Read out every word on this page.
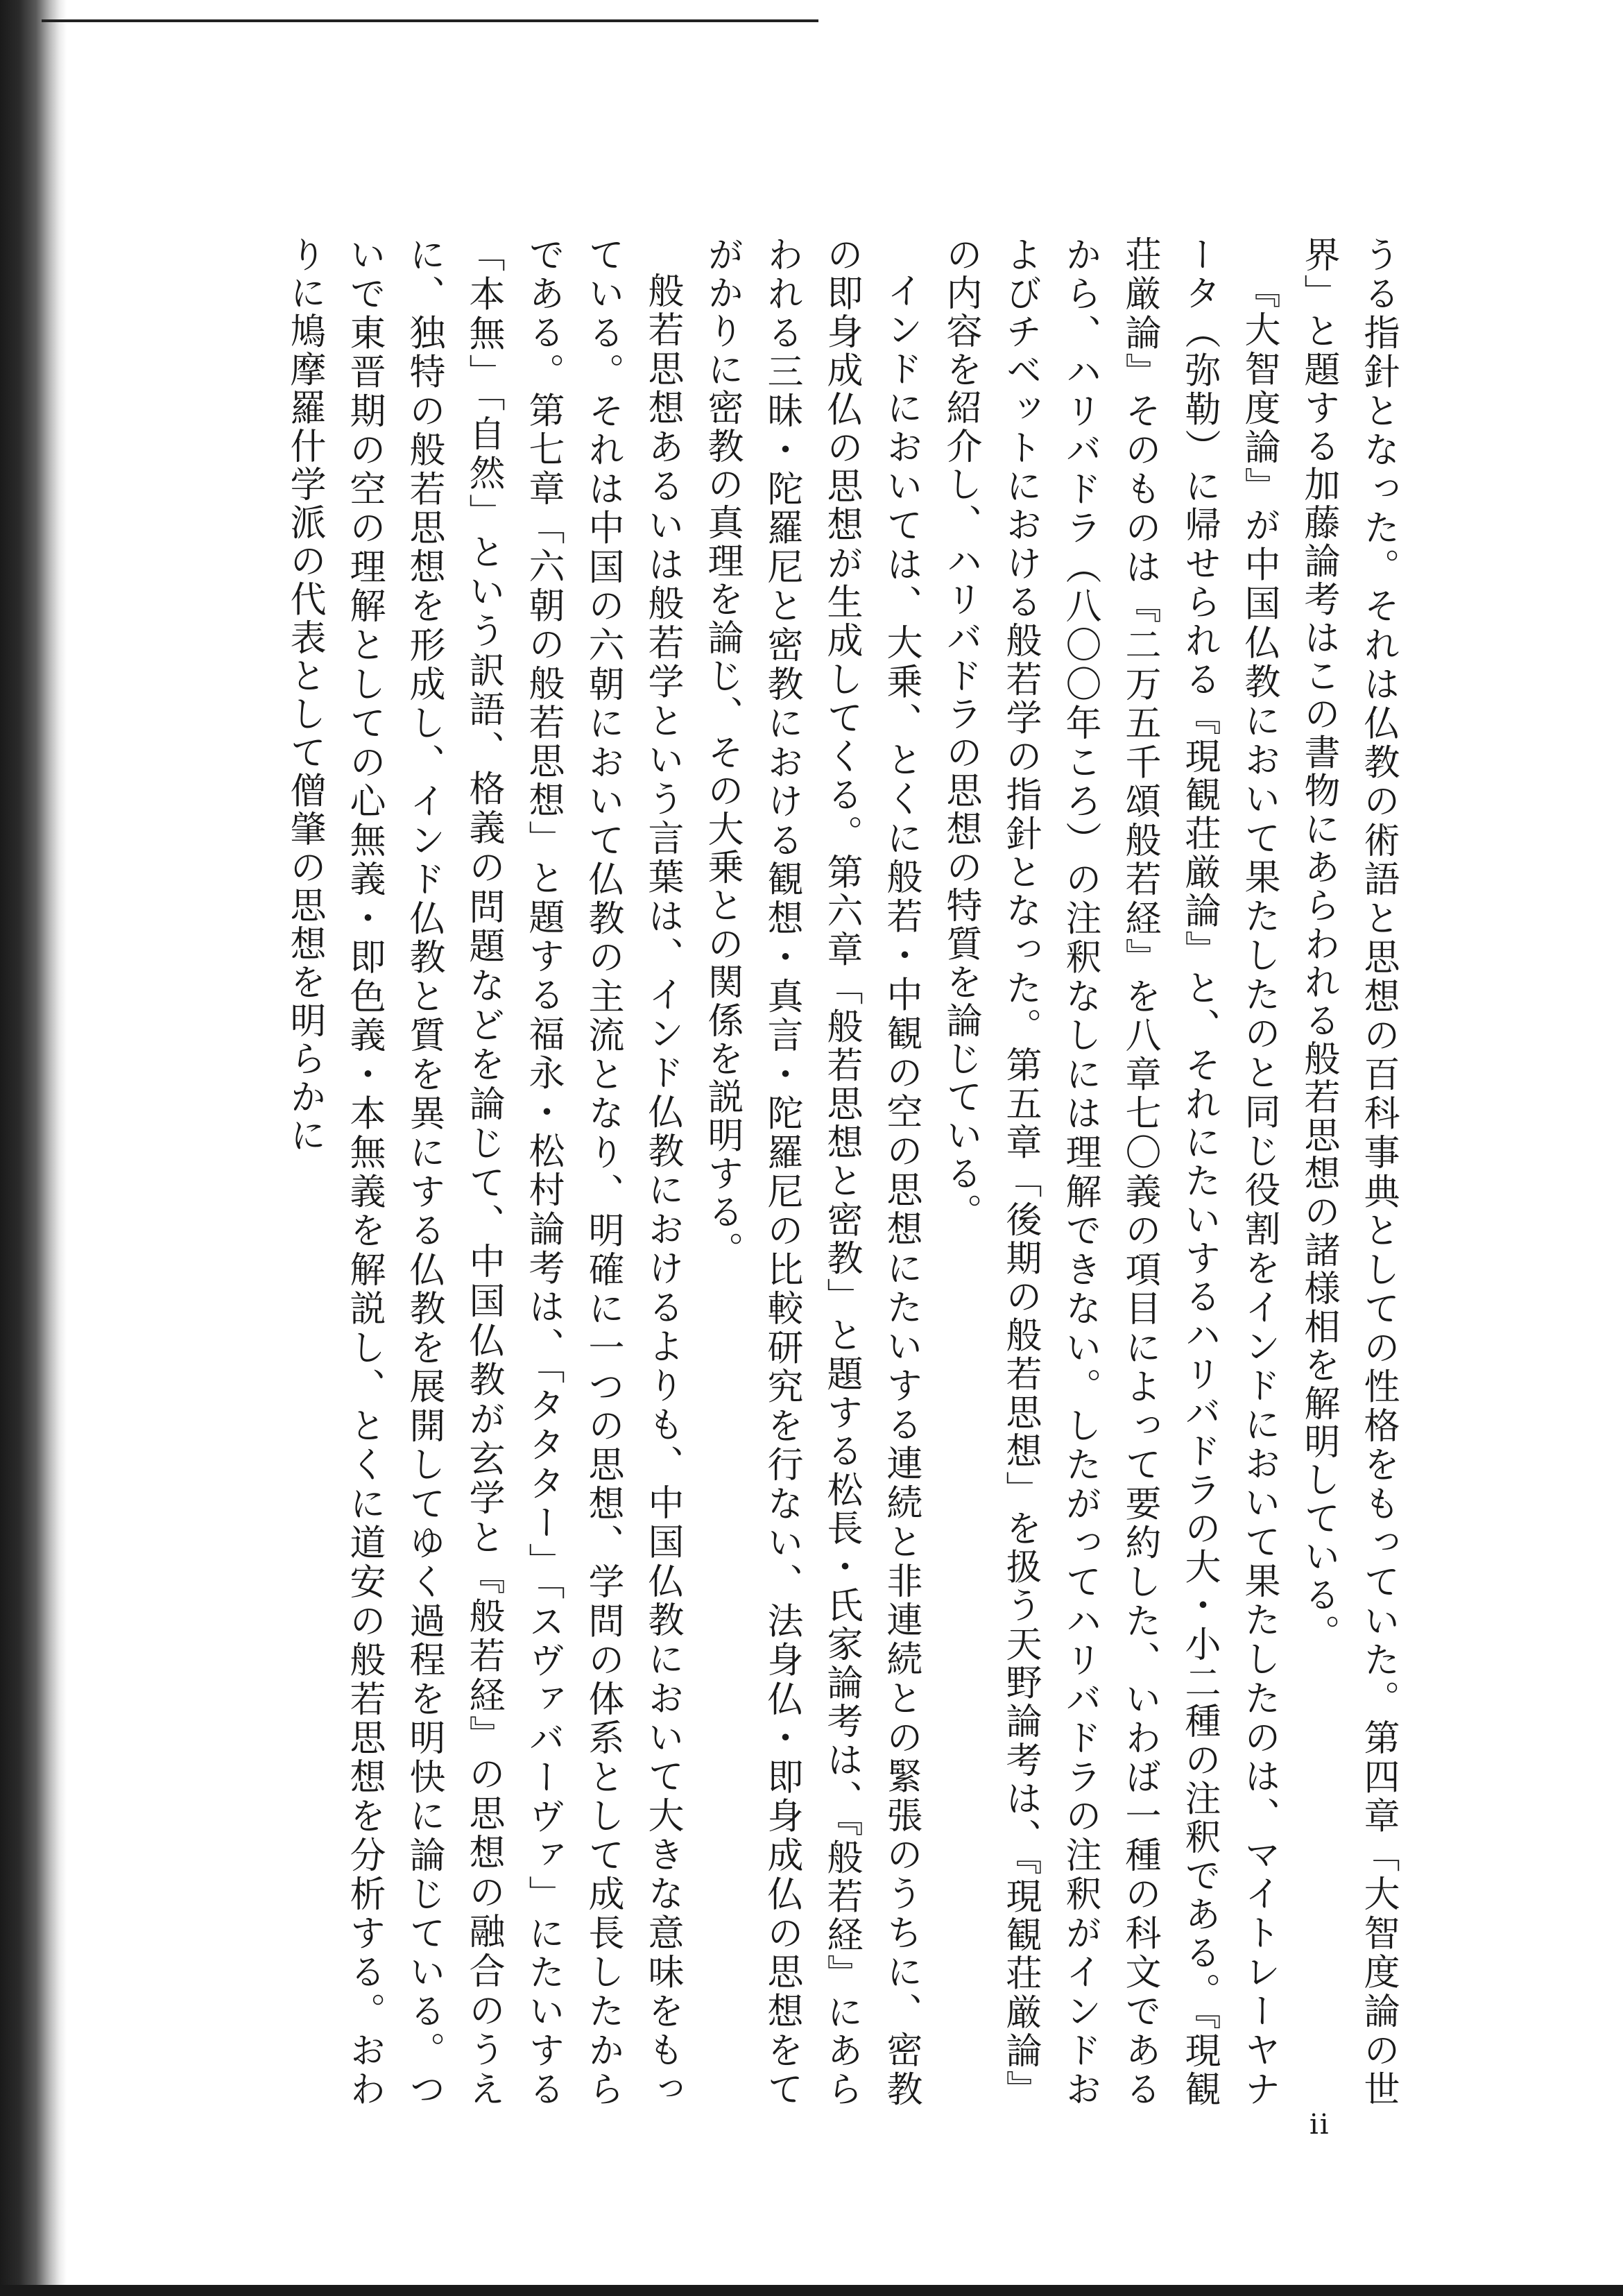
うる指針となった。それは仏教の術語と思想の百科事典としての性格をもっていた。第四章「大智度論の世界」と題する加藤論考はこの書物にあらわれる般若思想の諸様相を解明している。

『大智度論』が中国仏教において果たしたのと同じ役割をインドにおいて果たしたのは、マイトレーヤナータ（弥勒）に帰せられる『現観荘厳論』と、それにたいするハリバドラの大・小二種の注釈である。『現観荘厳論』そのものは『二万五千頌般若経』を八章七〇義の項目によって要約した、いわば一種の科文であるから、ハリバドラ（八〇〇年ころ）の注釈なしには理解できない。したがってハリバドラの注釈がインドおよびチベットにおける般若学の指針となった。第五章「後期の般若思想」を扱う天野論考は、『現観荘厳論』の内容を紹介し、ハリバドラの思想の特質を論じている。

インドにおいては、大乗、とくに般若・中観の空の思想にたいする連続と非連続との緊張のうちに、密教の即身成仏の思想が生成してくる。第六章「般若思想と密教」と題する松長・氏家論考は、『般若経』にあらわれる三昧・陀羅尼と密教における観想・真言・陀羅尼の比較研究を行ない、法身仏・即身成仏の思想をてがかりに密教の真理を論じ、その大乗との関係を説明する。

般若思想あるいは般若学という言葉は、インド仏教におけるよりも、中国仏教において大きな意味をもっている。それは中国の六朝において仏教の主流となり、明確に一つの思想、学問の体系として成長したからである。第七章「六朝の般若思想」と題する福永・松村論考は、「タタター」「スヴァバーヴァ」にたいする「本無」「自然」という訳語、格義の問題などを論じて、中国仏教が玄学と『般若経』の思想の融合のうえに、独特の般若思想を形成し、インド仏教と質を異にする仏教を展開してゆく過程を明快に論じている。ついで東晋期の空の理解としての心無義・即色義・本無義を解説し、とくに道安の般若思想を分析する。おわりに鳩摩羅什学派の代表として僧肇の思想を明らかに

ii
